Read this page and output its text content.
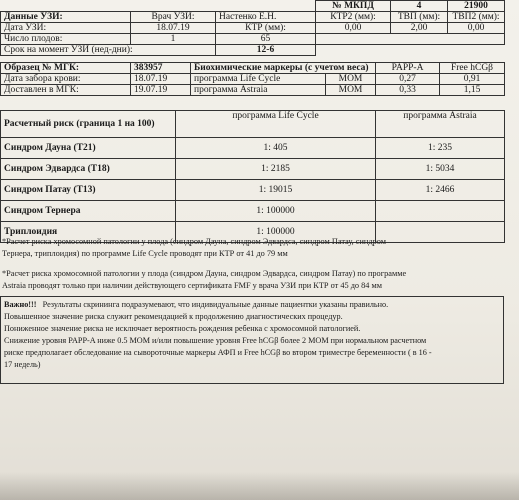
			№ МКПД	4	21900
Данные УЗИ:	Врач УЗИ:	Настенко Е.Н.	КТР2 (мм):	ТВП (мм):	ТВП2 (мм):
Дата УЗИ:	18.07.19	КТР (мм):	0,00	2,00	0,00
Число плодов:	1	65			
Срок на момент УЗИ (нед-дни):		12-6			
Образец № МГК:	383957	Биохимические маркеры (с учетом веса)		PAPP-A	Free hCGβ
Дата забора крови:	18.07.19	программа Life Cycle	MOM	0,27	0,91
Доставлен в МГК:	19.07.19	программа Astraia	MOM	0,33	1,15
Расчетный риск (граница 1 на 100)	программа Life Cycle	программа Astraia
Синдром Дауна (T21)	1: 405	1: 235
Синдром Эдвардса (T18)	1: 2185	1: 5034
Синдром Патау (T13)	1: 19015	1: 2466
Синдром Тернера	1: 100000	
Триплоидия	1: 100000	
*Расчет риска хромосомной патологии у плода (синдром Дауна, синдром Эдвардса, синдром Патау, синдром
Тернера, триплоидия) по программе Life Cycle проводят при КТР от 41 до 79 мм
*Расчет риска хромосомной патологии у плода (синдром Дауна, синдром Эдвардса, синдром Патау) по программе
Astraia проводят только при наличии действующего сертификата FMF у врача УЗИ при КТР от 45 до 84 мм
Важно!!! Результаты скрининга подразумевают, что индивидуальные данные пациентки указаны правильно.
Повышенное значение риска служит рекомендацией к продолжению диагностических процедур.
Пониженное значение риска не исключает вероятность рождения ребенка с хромосомной патологией.
Снижение уровня PAPP-A ниже 0.5 MOM и/или повышение уровня Free hCGβ более 2 MOM при нормальном расчетном
риске предполагает обследование на сывороточные маркеры АФП и Free hCGβ во втором триместре беременности ( в 16 -
17 недель)
